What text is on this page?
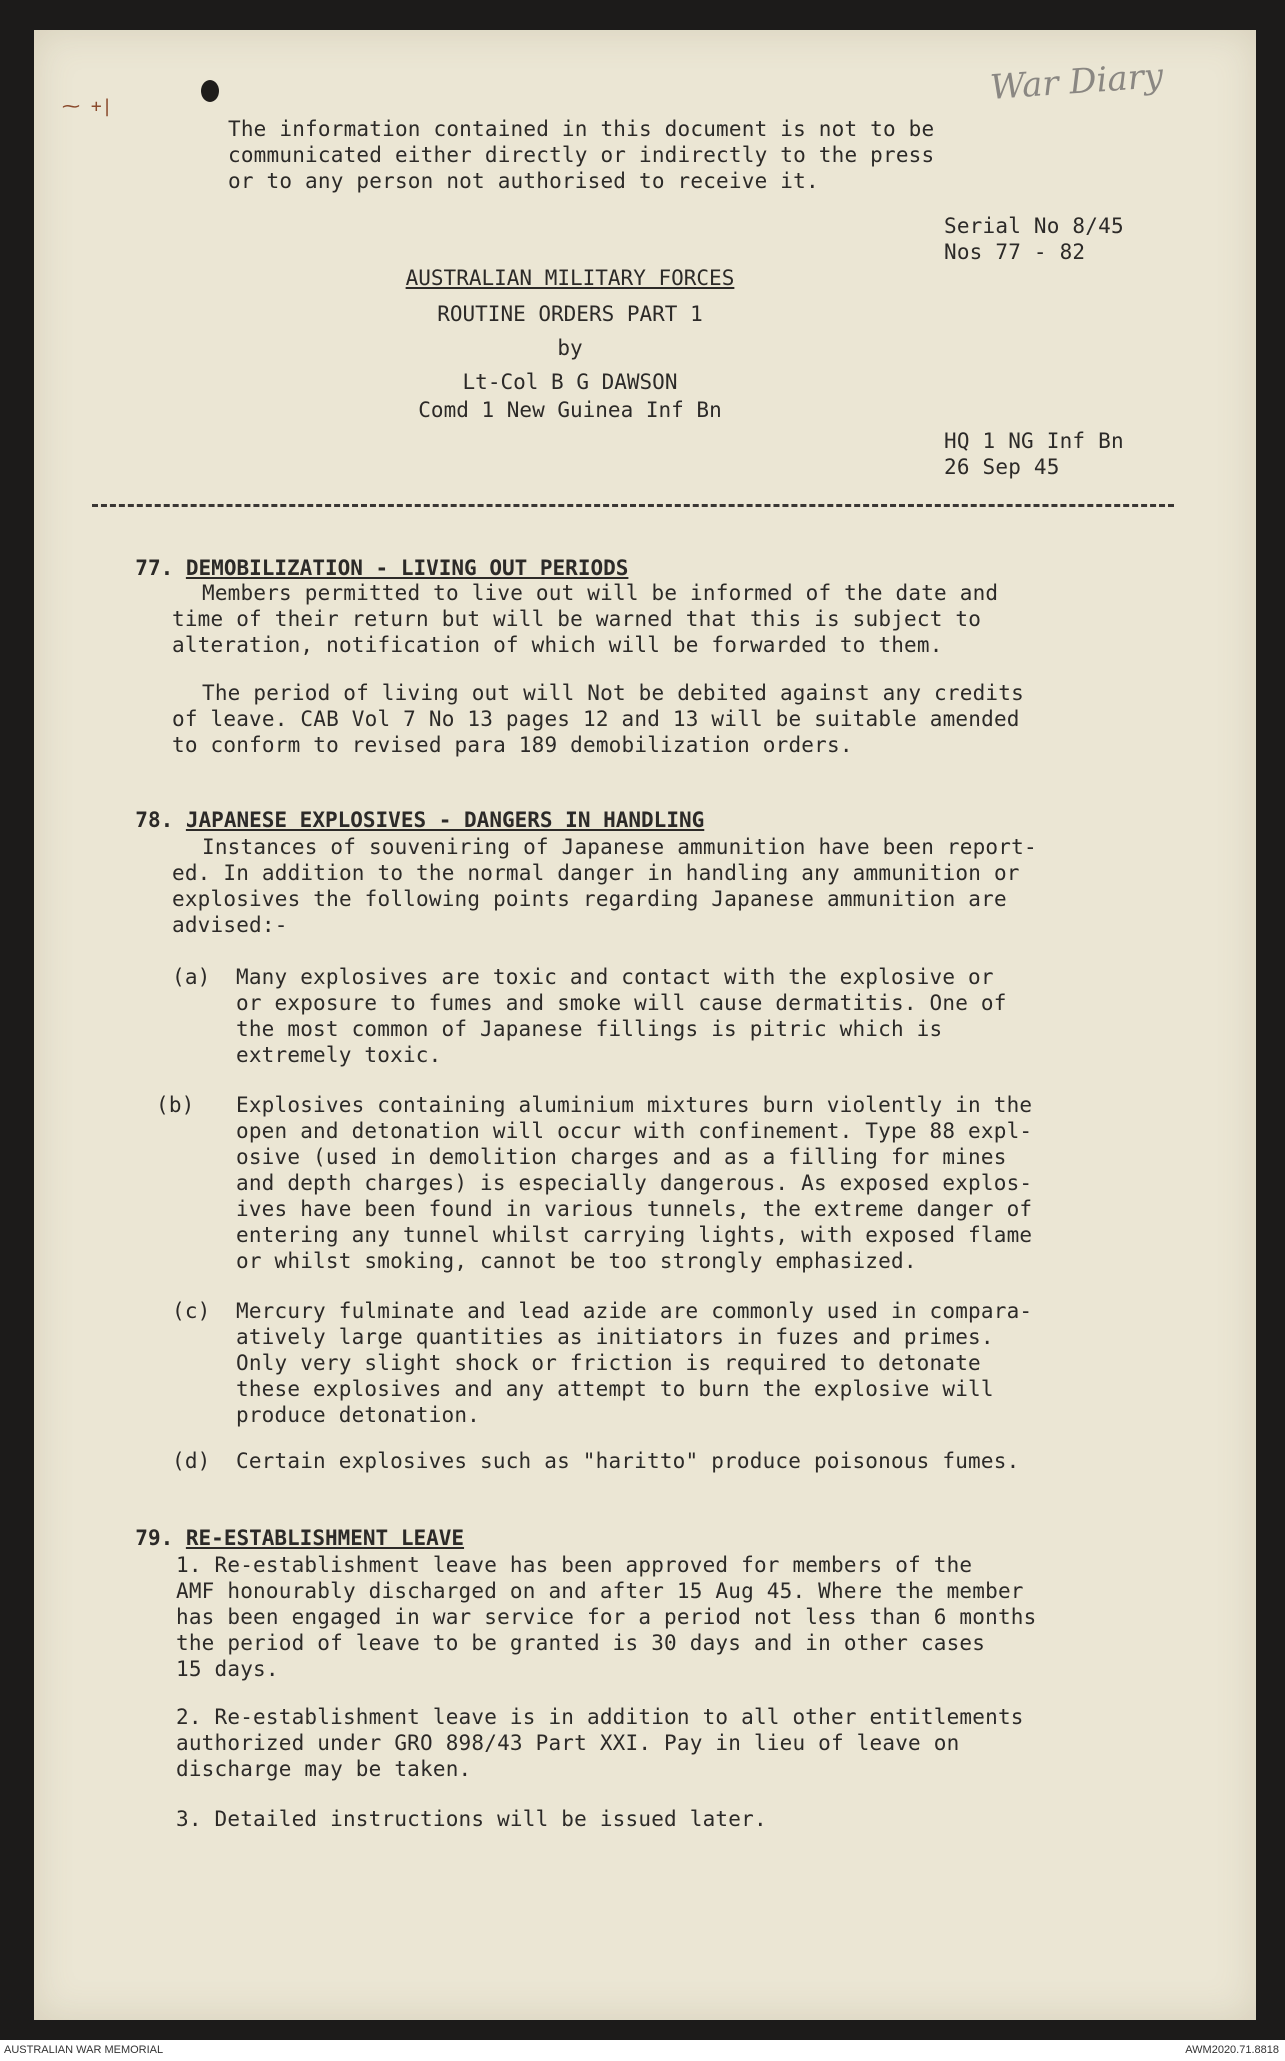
⁓ +|	War Diary
The information contained in this document is not to be
communicated either directly or indirectly to the press
or to any person not authorised to receive it.
Serial No 8/45
Nos 77 - 82
AUSTRALIAN MILITARY FORCES
ROUTINE ORDERS PART 1
by
Lt-Col B G DAWSON
Comd 1 New Guinea Inf Bn
HQ 1 NG Inf Bn
26 Sep 45

77. DEMOBILIZATION - LIVING OUT PERIODS

Members permitted to live out will be informed of the date and
time of their return but will be warned that this is subject to
alteration, notification of which will be forwarded to them.
The period of living out will Not be debited against any credits
of leave. CAB Vol 7 No 13 pages 12 and 13 will be suitable amended
to conform to revised para 189 demobilization orders.

78. JAPANESE EXPLOSIVES - DANGERS IN HANDLING

Instances of souveniring of Japanese ammunition have been report-
ed. In addition to the normal danger in handling any ammunition or
explosives the following points regarding Japanese ammunition are
advised:-
(a) Many explosives are toxic and contact with the explosive or
or exposure to fumes and smoke will cause dermatitis. One of
the most common of Japanese fillings is pitric which is
extremely toxic.
(b) Explosives containing aluminium mixtures burn violently in the
open and detonation will occur with confinement. Type 88 expl-
osive (used in demolition charges and as a filling for mines
and depth charges) is especially dangerous. As exposed explos-
ives have been found in various tunnels, the extreme danger of
entering any tunnel whilst carrying lights, with exposed flame
or whilst smoking, cannot be too strongly emphasized.
(c) Mercury fulminate and lead azide are commonly used in compara-
atively large quantities as initiators in fuzes and primes.
Only very slight shock or friction is required to detonate
these explosives and any attempt to burn the explosive will
produce detonation.
(d) Certain explosives such as "haritto" produce poisonous fumes.

79. RE-ESTABLISHMENT LEAVE

1. Re-establishment leave has been approved for members of the
AMF honourably discharged on and after 15 Aug 45. Where the member
has been engaged in war service for a period not less than 6 months
the period of leave to be granted is 30 days and in other cases
15 days.
2. Re-establishment leave is in addition to all other entitlements
authorized under GRO 898/43 Part XXI. Pay in lieu of leave on
discharge may be taken.
3. Detailed instructions will be issued later.
AUSTRALIAN WAR MEMORIAL	AWM2020.71.8818
